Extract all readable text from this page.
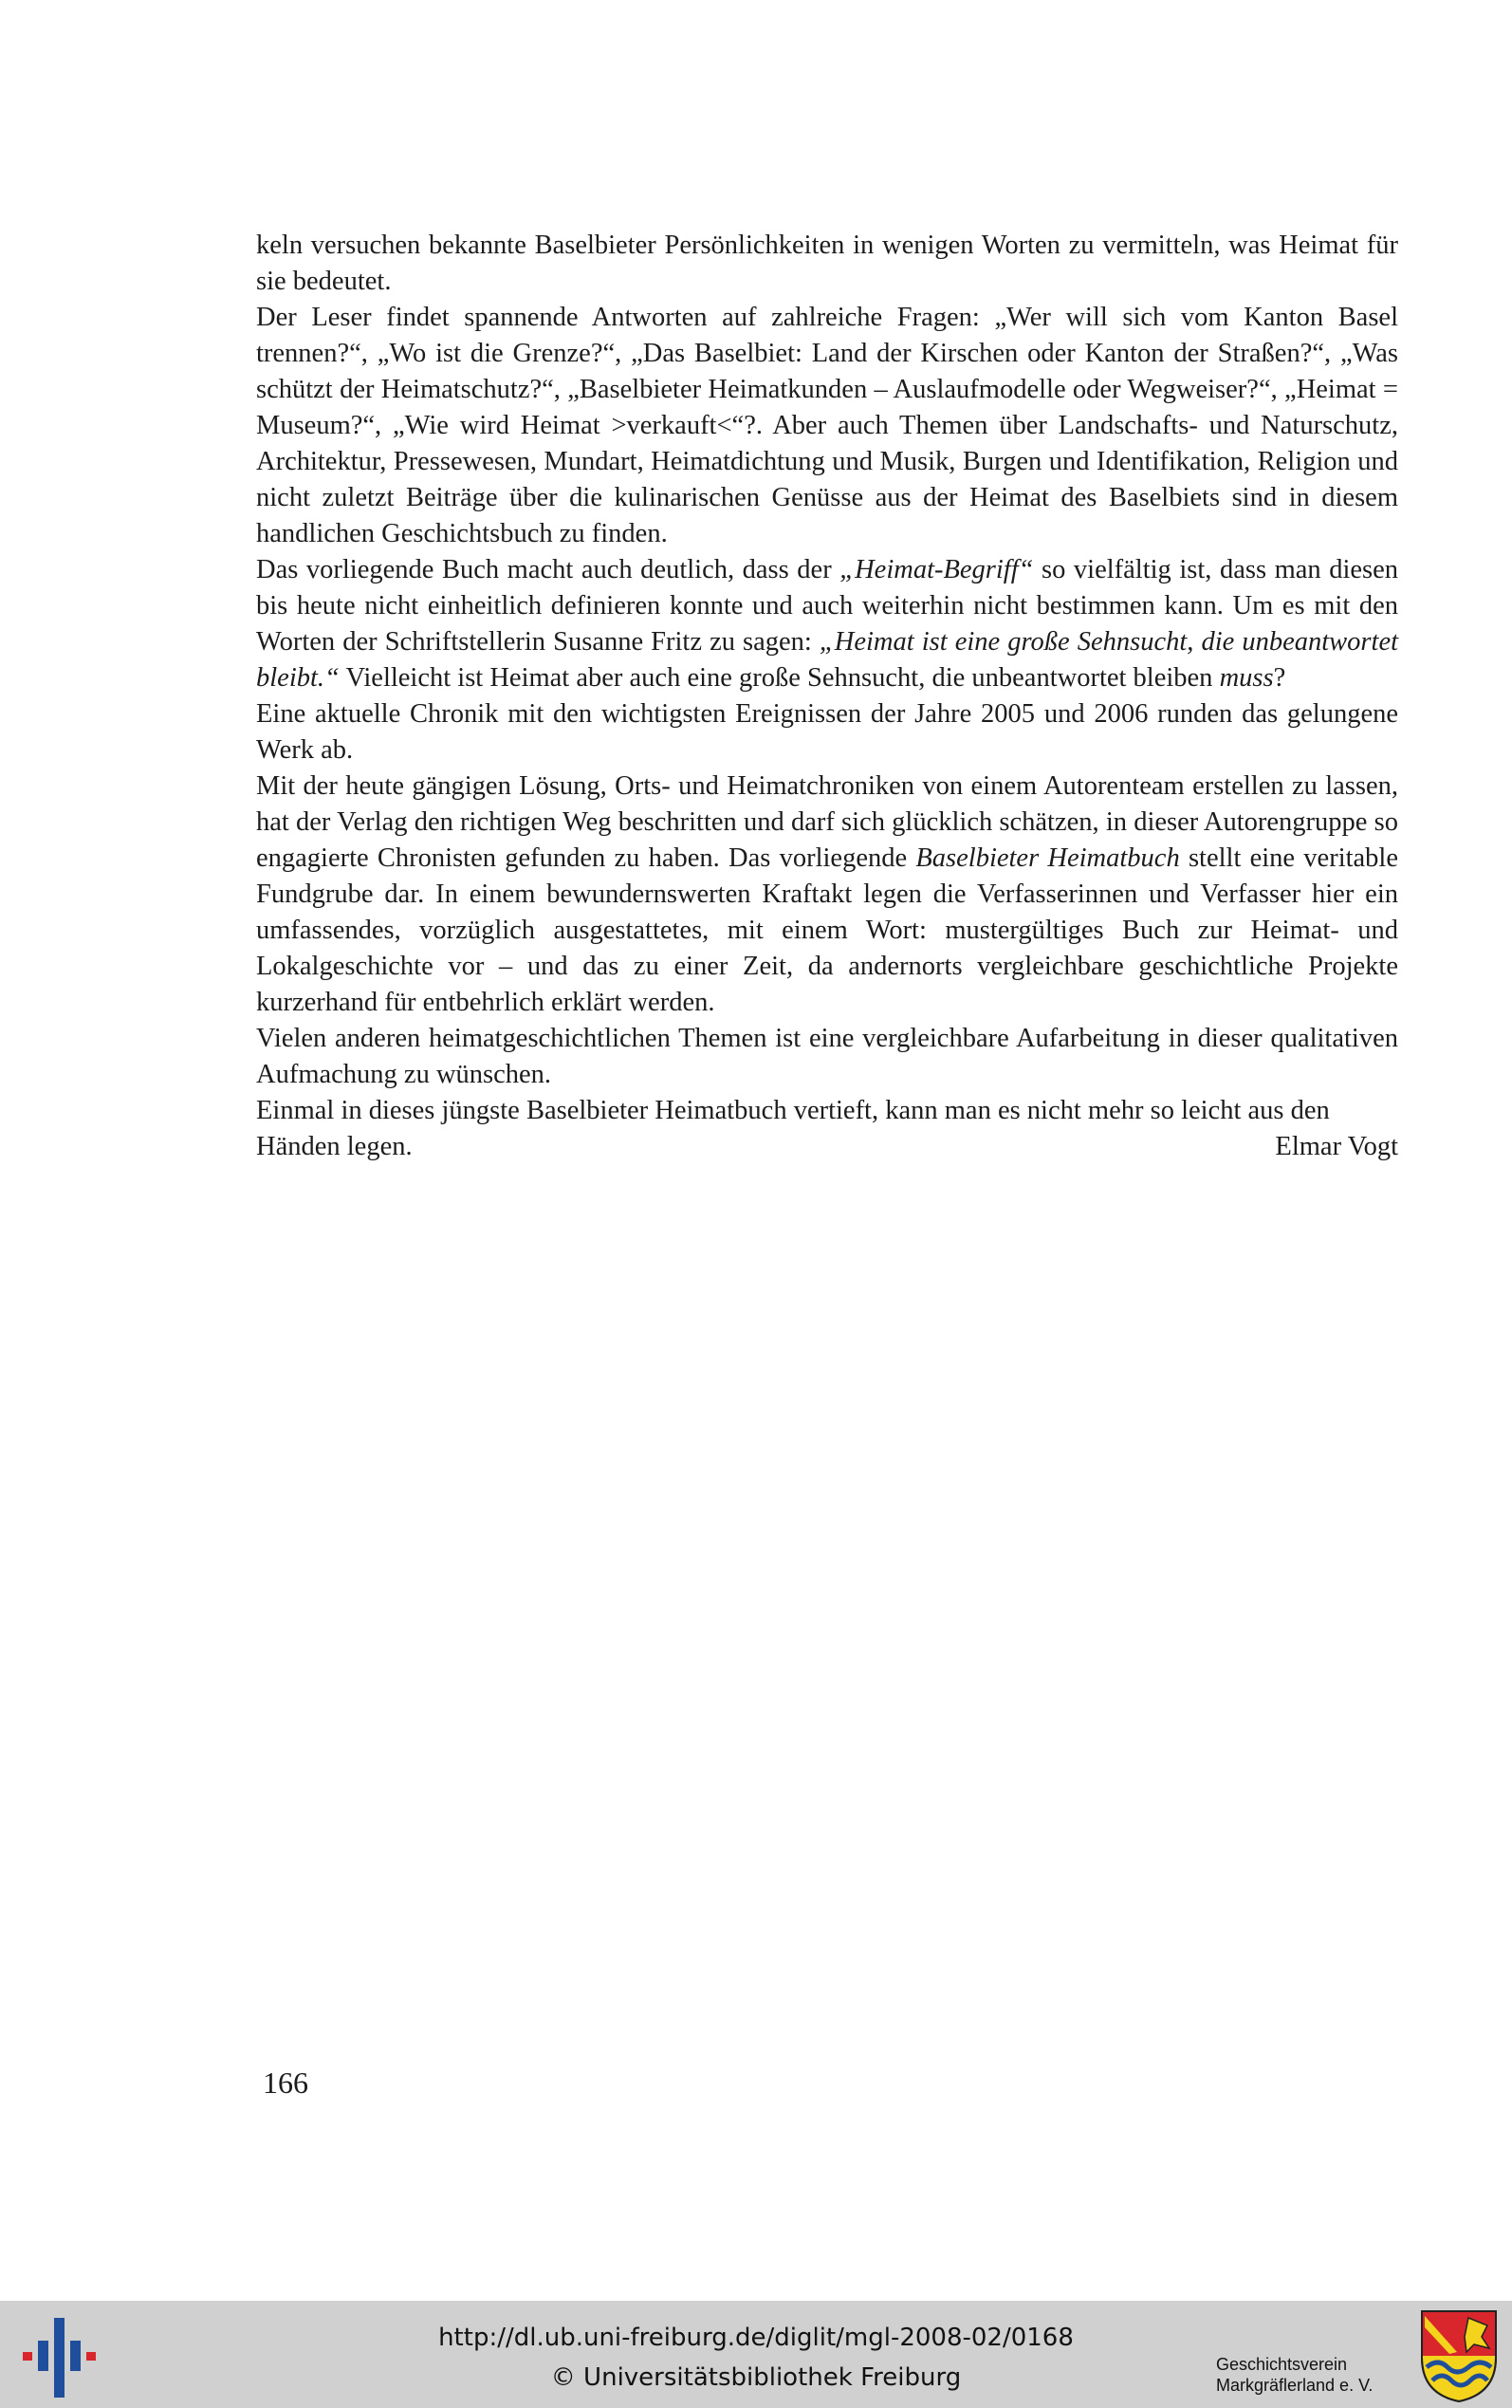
keln versuchen bekannte Baselbieter Persönlichkeiten in wenigen Worten zu vermitteln, was Heimat für sie bedeutet.

Der Leser findet spannende Antworten auf zahlreiche Fragen: „Wer will sich vom Kanton Basel trennen?“, „Wo ist die Grenze?“, „Das Baselbiet: Land der Kirschen oder Kanton der Straßen?“, „Was schützt der Heimatschutz?“, „Baselbieter Heimatkunden – Auslaufmodelle oder Wegweiser?“, „Heimat = Museum?“, „Wie wird Heimat >verkauft<“?. Aber auch Themen über Landschafts- und Naturschutz, Architektur, Pressewesen, Mundart, Heimatdichtung und Musik, Burgen und Identifikation, Religion und nicht zuletzt Beiträge über die kulinarischen Genüsse aus der Heimat des Baselbiets sind in diesem handlichen Geschichtsbuch zu finden.

Das vorliegende Buch macht auch deutlich, dass der „Heimat-Begriff“ so vielfältig ist, dass man diesen bis heute nicht einheitlich definieren konnte und auch weiterhin nicht bestimmen kann. Um es mit den Worten der Schriftstellerin Susanne Fritz zu sagen: „Heimat ist eine große Sehnsucht, die unbeantwortet bleibt.“ Vielleicht ist Heimat aber auch eine große Sehnsucht, die unbeantwortet bleiben muss?

Eine aktuelle Chronik mit den wichtigsten Ereignissen der Jahre 2005 und 2006 runden das gelungene Werk ab.

Mit der heute gängigen Lösung, Orts- und Heimatchroniken von einem Autorenteam erstellen zu lassen, hat der Verlag den richtigen Weg beschritten und darf sich glücklich schätzen, in dieser Autorengruppe so engagierte Chronisten gefunden zu haben. Das vorliegende Baselbieter Heimatbuch stellt eine veritable Fundgrube dar. In einem bewundernswerten Kraftakt legen die Verfasserinnen und Verfasser hier ein umfassendes, vorzüglich ausgestattetes, mit einem Wort: mustergültiges Buch zur Heimat- und Lokalgeschichte vor – und das zu einer Zeit, da andernorts vergleichbare geschichtliche Projekte kurzerhand für entbehrlich erklärt werden.

Vielen anderen heimatgeschichtlichen Themen ist eine vergleichbare Aufarbeitung in dieser qualitativen Aufmachung zu wünschen.

Einmal in dieses jüngste Baselbieter Heimatbuch vertieft, kann man es nicht mehr so leicht aus den Händen legen.	Elmar Vogt

166
http://dl.ub.uni-freiburg.de/diglit/mgl-2008-02/0168
© Universitätsbibliothek Freiburg	Geschichtsverein
Markgräflerland e. V.
